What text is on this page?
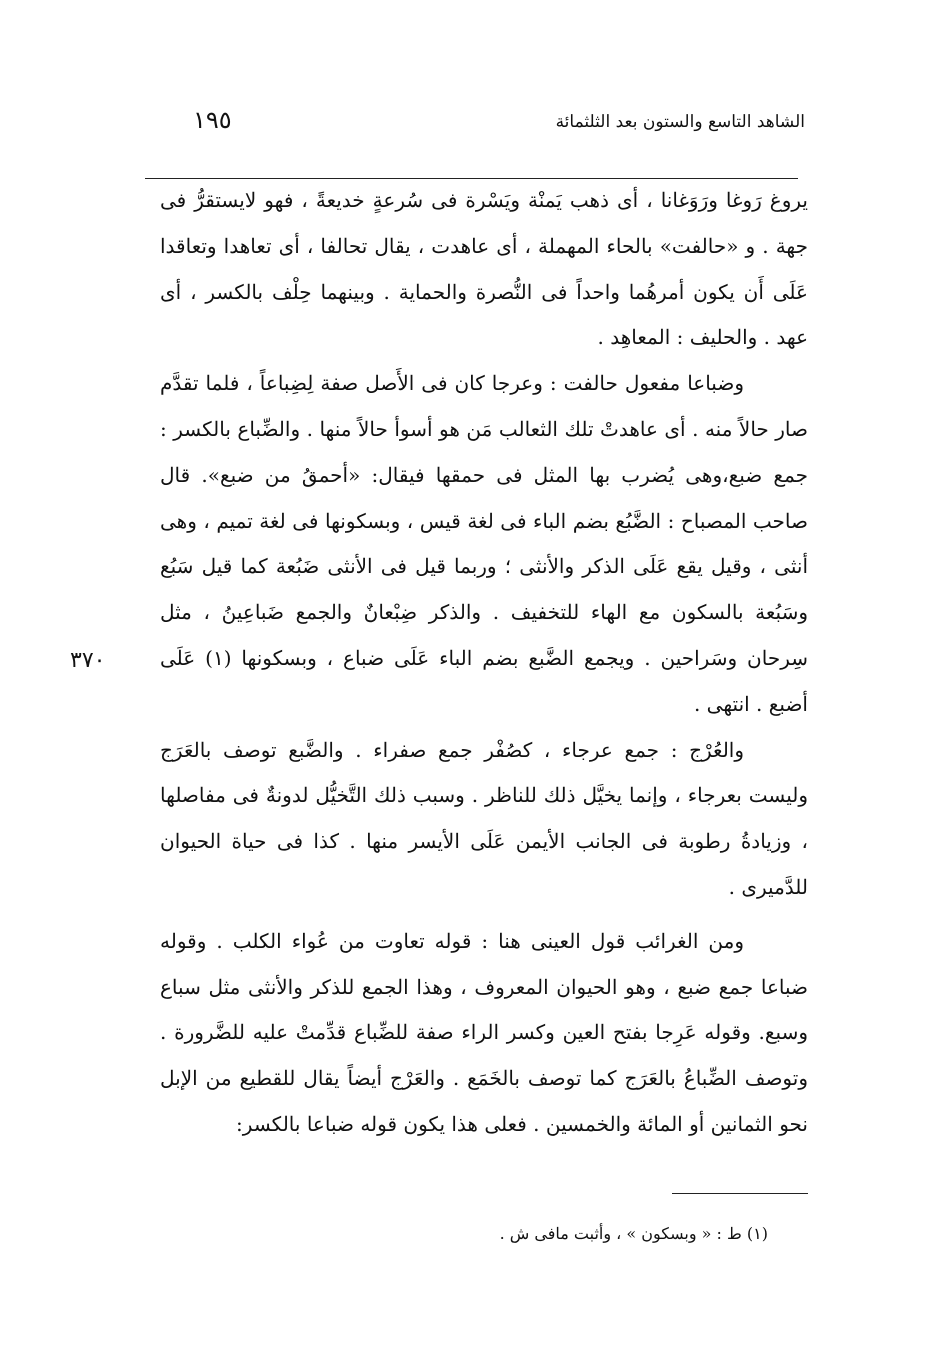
الشاهد التاسع والستون بعد الثلثمائة
١٩٥

يروغ رَوغا ورَوَغانا ، أى ذهب يَمنْة ويَسْرة فى سُرعةٍ خديعةً ، فهو لايستقرُّ فى جهة . و «حالفت» بالحاء المهملة ، أى عاهدت ، يقال تحالفا ، أى تعاهدا وتعاقدا عَلَى أَن يكون أمرهُما واحداً فى النُّصرة والحماية . وبينهما حِلْف بالكسر ، أى عهد . والحليف : المعاهِد .

وضباعا مفعول حالفت : وعرجا كان فى الأَصل صفة لِضِباعاً ، فلما تقدَّم صار حالاً منه . أى عاهدتْ تلك الثعالب مَن هو أسوأ حالاً منها . والضِّباع بالكسر : جمع ضبع،وهى يُضرب بها المثل فى حمقها فيقال: «أحمقُ من ضبع». قال صاحب المصباح : الضَّبُع بضم الباء فى لغة قيس ، وبسكونها فى لغة تميم ، وهى أنثى ، وقيل يقع عَلَى الذكر والأنثى ؛ وربما قيل فى الأنثى ضَبُعة كما قيل سَبُع وسَبُعة بالسكون مع الهاء للتخفيف . والذكر ضِبْعانٌ والجمع ضَباعِينُ ، مثل سِرحان وسَراحين . ويجمع الضَّبع بضم الباء عَلَى ضباع ، وبسكونها (١) عَلَى أضبع . انتهى .

والعُرْج : جمع عرجاء ، كصُفْر جمع صفراء . والضَّبع توصف بالعَرَج وليست بعرجاء ، وإنما يخيَّل ذلك للناظر . وسبب ذلك التَّخيُّل لدونةٌ فى مفاصلها ، وزيادةُ رطوبة فى الجانب الأيمن عَلَى الأيسر منها . كذا فى حياة الحيوان للدَّميرى .

ومن الغرائب قول العينى هنا : قوله تعاوت من عُواء الكلب . وقوله ضباعا جمع ضبع ، وهو الحيوان المعروف ، وهذا الجمع للذكر والأنثى مثل سباع وسبع. وقوله عَرِجا بفتح العين وكسر الراء صفة للضِّباع قدِّمتْ عليه للضَّرورة . وتوصف الضِّباعُ بالعَرَج كما توصف بالخَمَع . والعَرْج أيضاً يقال للقطيع من الإبل نحو الثمانين أو المائة والخمسين . فعلى هذا يكون قوله ضباعا بالكسر:

٣٧٠
(١) ط : « وبسكون » ، وأثبت مافى ش .
